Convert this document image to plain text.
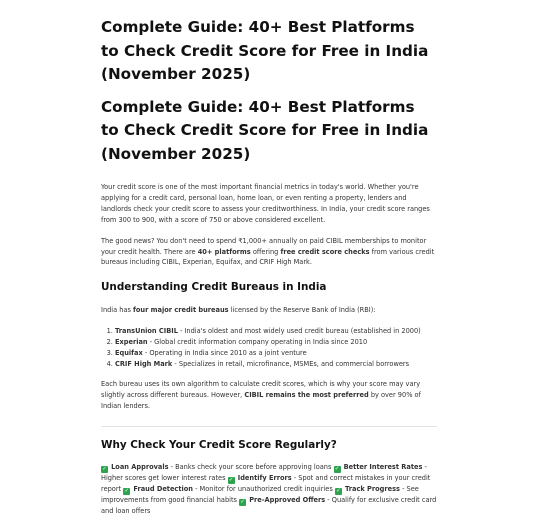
Complete Guide: 40+ Best Platforms to Check Credit Score for Free in India (November 2025)
Complete Guide: 40+ Best Platforms to Check Credit Score for Free in India (November 2025)

Your credit score is one of the most important financial metrics in today's world. Whether you're applying for a credit card, personal loan, home loan, or even renting a property, lenders and landlords check your credit score to assess your creditworthiness. In India, your credit score ranges from 300 to 900, with a score of 750 or above considered excellent.

The good news? You don't need to spend ₹1,000+ annually on paid CIBIL memberships to monitor your credit health. There are 40+ platforms offering free credit score checks from various credit bureaus including CIBIL, Experian, Equifax, and CRIF High Mark.

Understanding Credit Bureaus in India

India has four major credit bureaus licensed by the Reserve Bank of India (RBI):

1. TransUnion CIBIL - India's oldest and most widely used credit bureau (established in 2000)
2. Experian - Global credit information company operating in India since 2010
3. Equifax - Operating in India since 2010 as a joint venture
4. CRIF High Mark - Specializes in retail, microfinance, MSMEs, and commercial borrowers

Each bureau uses its own algorithm to calculate credit scores, which is why your score may vary slightly across different bureaus. However, CIBIL remains the most preferred by over 90% of Indian lenders.

Why Check Your Credit Score Regularly?

✓ Loan Approvals - Banks check your score before approving loans ✓ Better Interest Rates - Higher scores get lower interest rates ✓ Identify Errors - Spot and correct mistakes in your credit report ✓ Fraud Detection - Monitor for unauthorized credit inquiries ✓ Track Progress - See improvements from good financial habits ✓ Pre-Approved Offers - Qualify for exclusive credit card and loan offers
